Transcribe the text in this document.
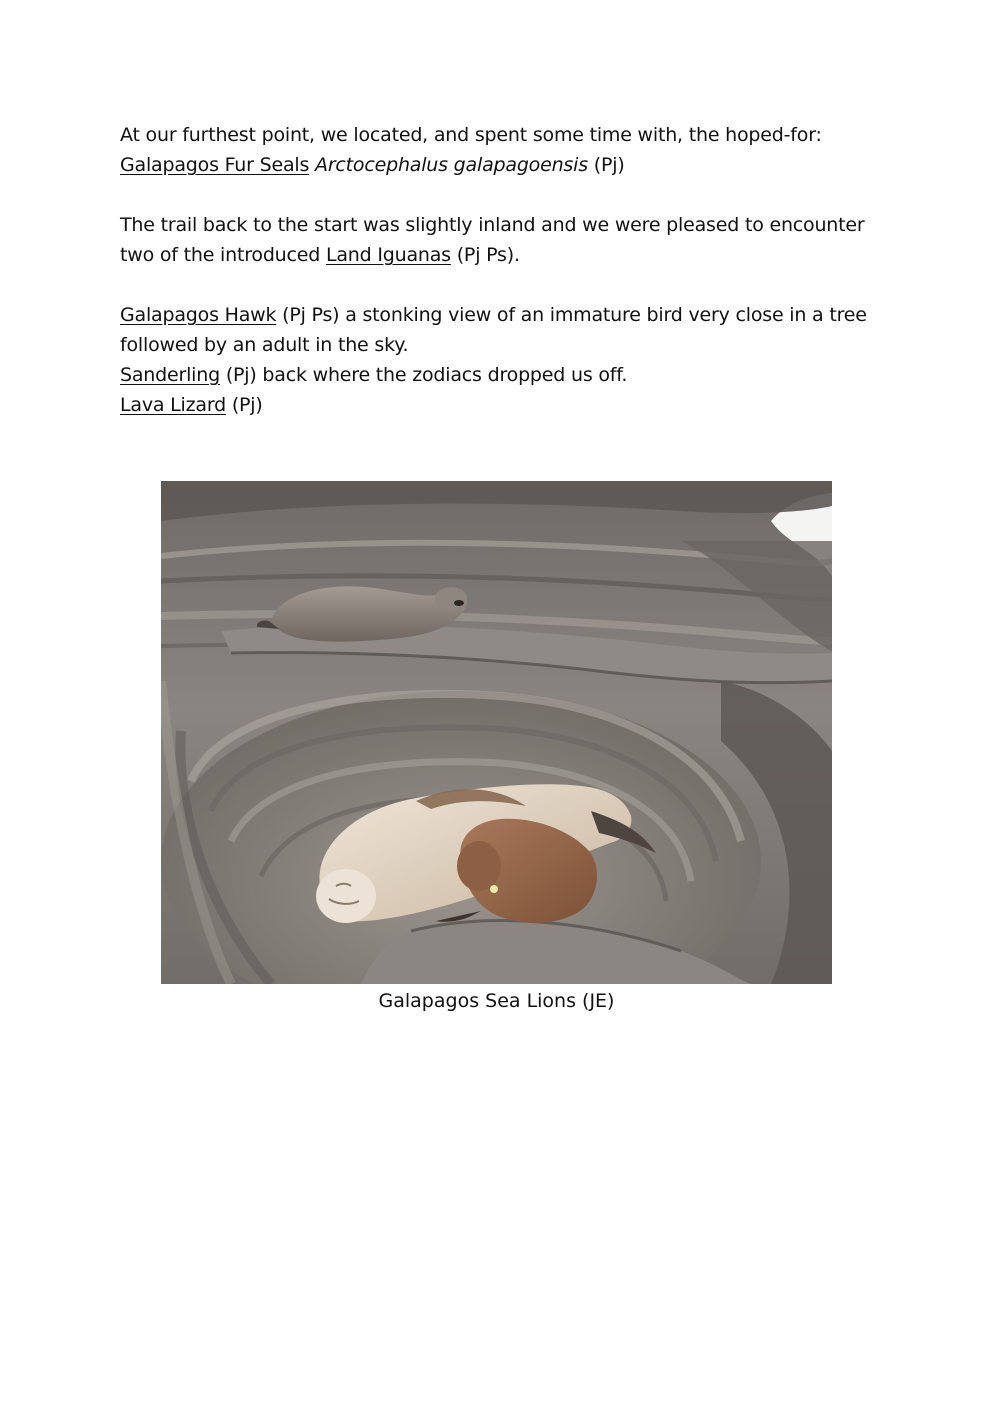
At our furthest point, we located, and spent some time with, the hoped-for:
Galapagos Fur Seals Arctocephalus galapagoensis (Pj)

The trail back to the start was slightly inland and we were pleased to encounter two of the introduced Land Iguanas (Pj Ps).

Galapagos Hawk (Pj Ps) a stonking view of an immature bird very close in a tree followed by an adult in the sky.

Sanderling (Pj) back where the zodiacs dropped us off.

Lava Lizard (Pj)

Galapagos Sea Lions (JE)
